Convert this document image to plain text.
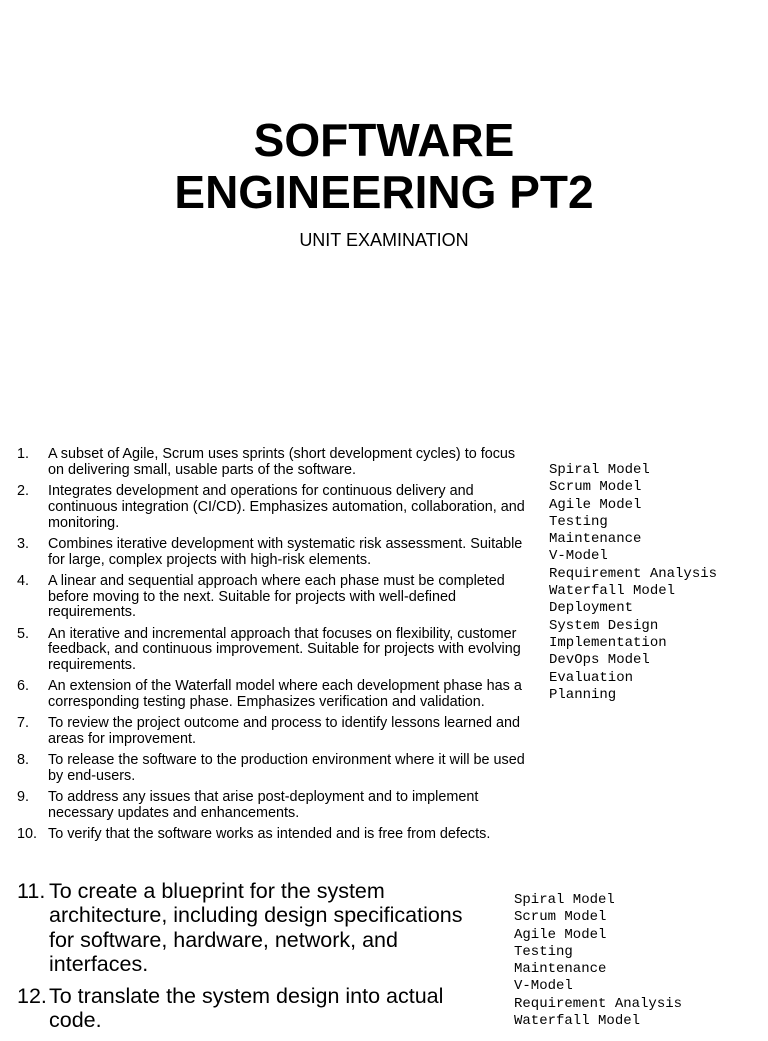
SOFTWARE
ENGINEERING PT2
UNIT EXAMINATION
1. A subset of Agile, Scrum uses sprints (short development cycles) to focus on delivering small, usable parts of the software.
2. Integrates development and operations for continuous delivery and continuous integration (CI/CD). Emphasizes automation, collaboration, and monitoring.
3. Combines iterative development with systematic risk assessment. Suitable for large, complex projects with high-risk elements.
4. A linear and sequential approach where each phase must be completed before moving to the next. Suitable for projects with well-defined requirements.
5. An iterative and incremental approach that focuses on flexibility, customer feedback, and continuous improvement. Suitable for projects with evolving requirements.
6. An extension of the Waterfall model where each development phase has a corresponding testing phase. Emphasizes verification and validation.
7. To review the project outcome and process to identify lessons learned and areas for improvement.
8. To release the software to the production environment where it will be used by end-users.
9. To address any issues that arise post-deployment and to implement necessary updates and enhancements.
10. To verify that the software works as intended and is free from defects.
Spiral Model
Scrum Model
Agile Model
Testing
Maintenance
V-Model
Requirement Analysis
Waterfall Model
Deployment
System Design
Implementation
DevOps Model
Evaluation
Planning
11. To create a blueprint for the system architecture, including design specifications for software, hardware, network, and interfaces.
12. To translate the system design into actual code.
Spiral Model
Scrum Model
Agile Model
Testing
Maintenance
V-Model
Requirement Analysis
Waterfall Model
